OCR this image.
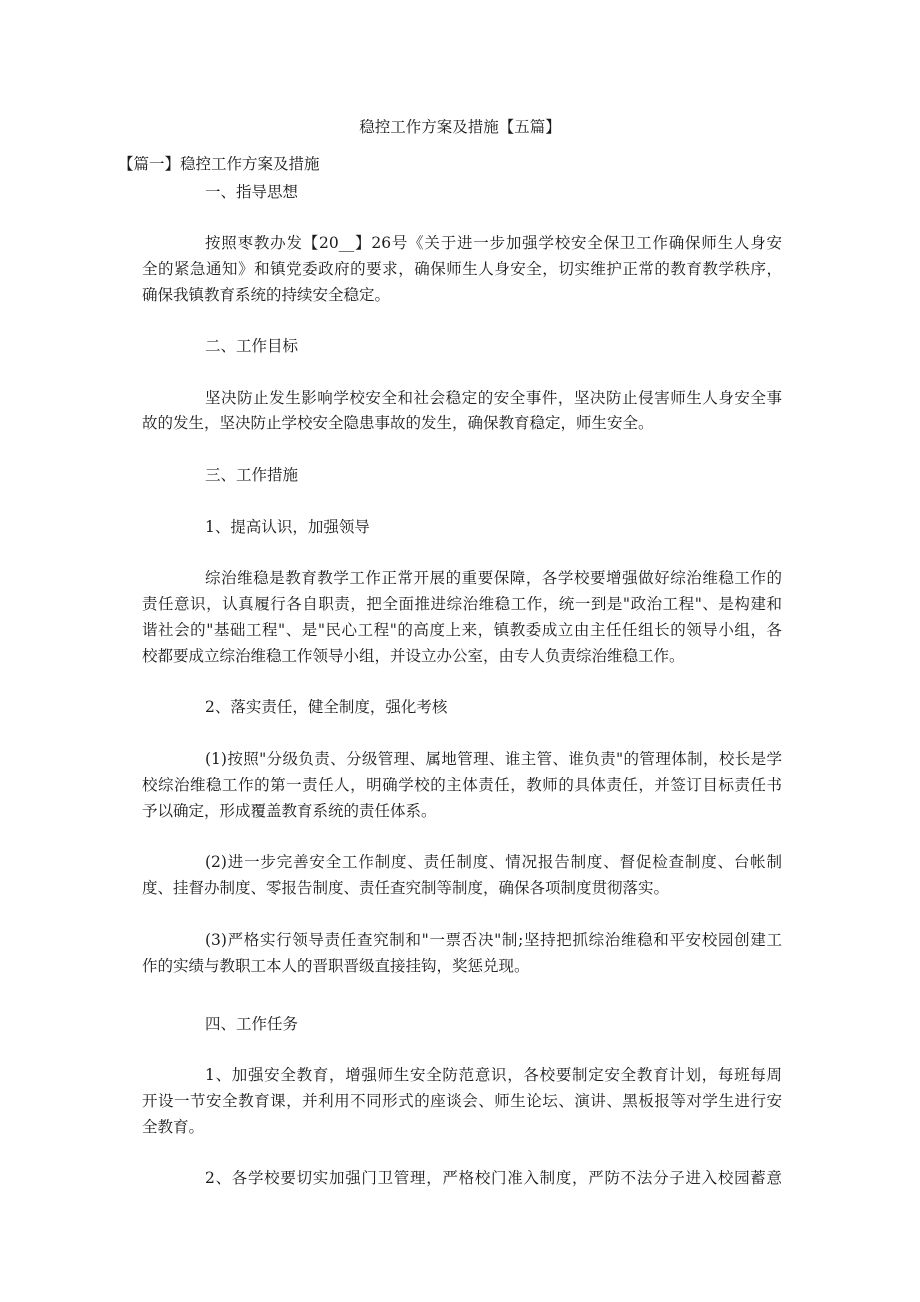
稳控工作方案及措施【五篇】

【篇一】稳控工作方案及措施

一、指导思想

按照枣教办发【20__】26号《关于进一步加强学校安全保卫工作确保师生人身安

全的紧急通知》和镇党委政府的要求，确保师生人身安全，切实维护正常的教育教学秩序，

确保我镇教育系统的持续安全稳定。

二、工作目标

坚决防止发生影响学校安全和社会稳定的安全事件，坚决防止侵害师生人身安全事

故的发生，坚决防止学校安全隐患事故的发生，确保教育稳定，师生安全。

三、工作措施

1、提高认识，加强领导

综治维稳是教育教学工作正常开展的重要保障，各学校要增强做好综治维稳工作的

责任意识，认真履行各自职责，把全面推进综治维稳工作，统一到是"政治工程"、是构建和

谐社会的"基础工程"、是"民心工程"的高度上来，镇教委成立由主任任组长的领导小组，各

校都要成立综治维稳工作领导小组，并设立办公室，由专人负责综治维稳工作。

2、落实责任，健全制度，强化考核

(1)按照"分级负责、分级管理、属地管理、谁主管、谁负责"的管理体制，校长是学

校综治维稳工作的第一责任人，明确学校的主体责任，教师的具体责任，并签订目标责任书

予以确定，形成覆盖教育系统的责任体系。

(2)进一步完善安全工作制度、责任制度、情况报告制度、督促检查制度、台帐制

度、挂督办制度、零报告制度、责任查究制等制度，确保各项制度贯彻落实。

(3)严格实行领导责任查究制和"一票否决"制;坚持把抓综治维稳和平安校园创建工

作的实绩与教职工本人的晋职晋级直接挂钩，奖惩兑现。

四、工作任务

1、加强安全教育，增强师生安全防范意识，各校要制定安全教育计划，每班每周

开设一节安全教育课，并利用不同形式的座谈会、师生论坛、演讲、黑板报等对学生进行安

全教育。

2、各学校要切实加强门卫管理，严格校门准入制度，严防不法分子进入校园蓄意
